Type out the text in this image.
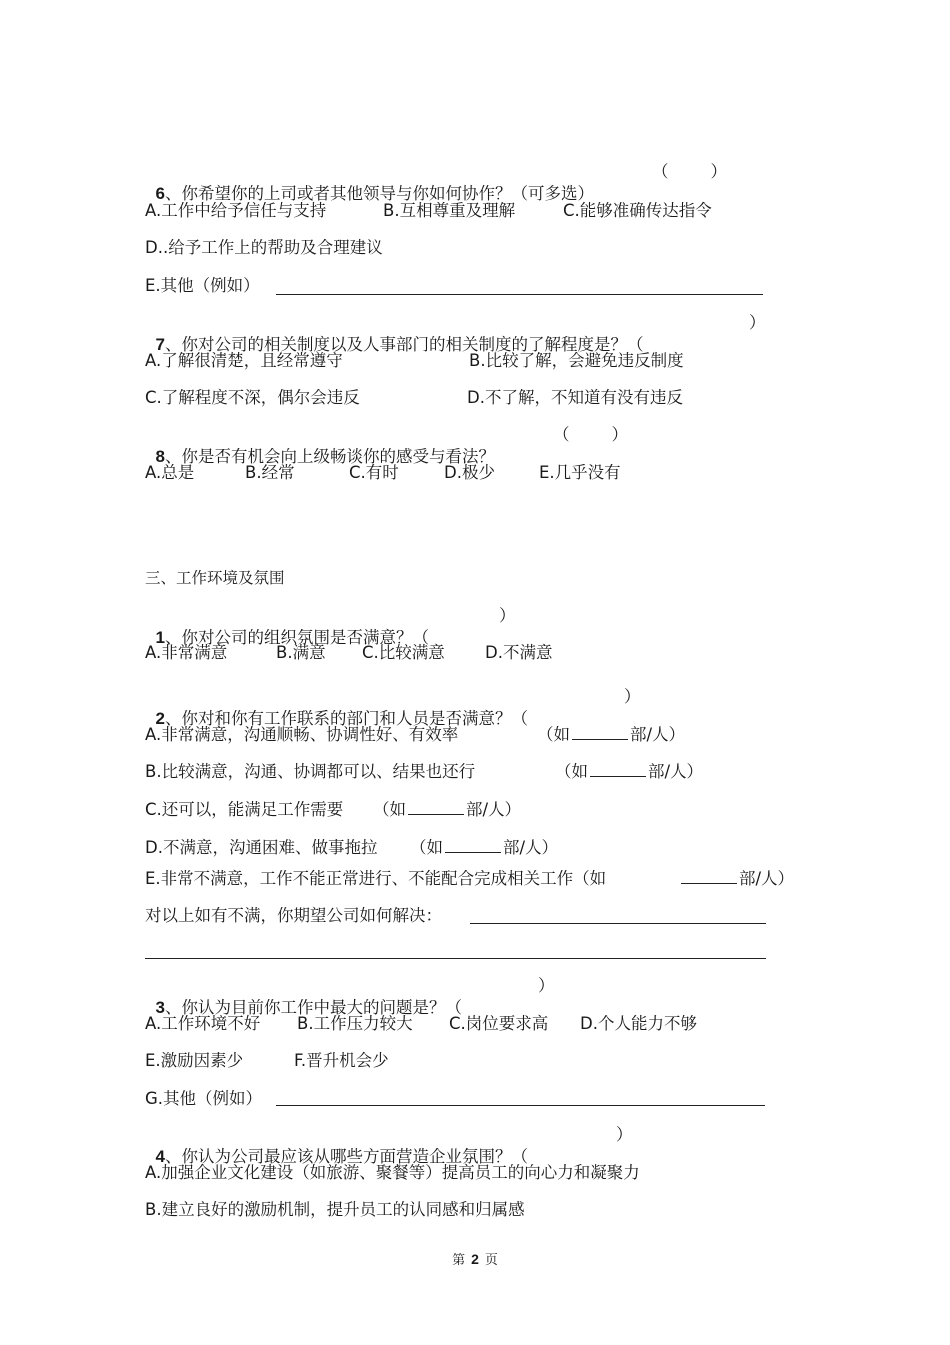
6、你希望你的上司或者其他领导与你如何协作？（可多选）

（        ）
A.工作中给予信任与支持	B.互相尊重及理解	C.能够准确传达指令
D..给予工作上的帮助及合理建议
E.其他（例如）

7、你对公司的相关制度以及人事部门的相关制度的了解程度是？（

）
A.了解很清楚，且经常遵守	B.比较了解，会避免违反制度
C.了解程度不深，偶尔会违反	D.不了解，不知道有没有违反

8、你是否有机会向上级畅谈你的感受与看法？

（        ）
A.总是	B.经常	C.有时	D.极少	E.几乎没有
三、工作环境及氛围

1、你对公司的组织氛围是否满意？（

）
A.非常满意	B.满意 C.比较满意 D.不满意

2、你对和你有工作联系的部门和人员是否满意？（

）
A.非常满意，沟通顺畅、协调性好、有效率	（如	部/人）
B.比较满意，沟通、协调都可以、结果也还行	（如	部/人）
C.还可以，能满足工作需要 （如	部/人）
D.不满意，沟通困难、做事拖拉 （如	部/人）
E.非常不满意，工作不能正常进行、不能配合完成相关工作（如	部/人）
对以上如有不满，你期望公司如何解决：

3、你认为目前你工作中最大的问题是？（

）
A.工作环境不好 B.工作压力较大 C.岗位要求高 D.个人能力不够
E.激励因素少	F.晋升机会少
G.其他（例如）

4、你认为公司最应该从哪些方面营造企业氛围？（

）
A.加强企业文化建设（如旅游、聚餐等）提高员工的向心力和凝聚力
B.建立良好的激励机制，提升员工的认同感和归属感
第 2 页
